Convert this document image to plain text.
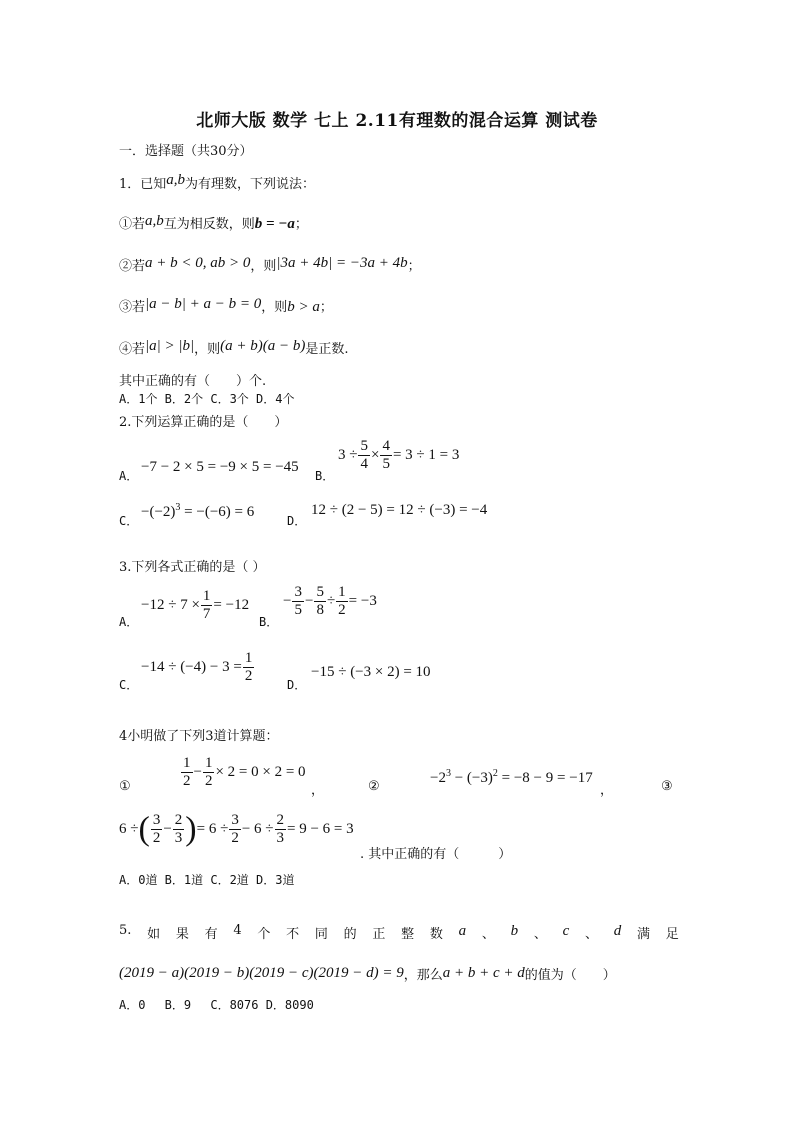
北师大版 数学 七上 2.11有理数的混合运算 测试卷
一．选择题（共30分）
1．已知a,b为有理数，下列说法：
①若a,b互为相反数，则b = −a；
②若a + b < 0, ab > 0，则|3a + 4b| = −3a + 4b；
③若|a − b| + a − b = 0，则b > a；
④若|a| > |b|，则(a + b)(a − b)是正数.
其中正确的有（　　）个.
A．1个 B．2个 C．3个 D．4个
2.下列运算正确的是（　　）
A．
−7 − 2 × 5 = −9 × 5 = −45
B．
$3 \div \frac{5}{4} \times \frac{4}{5} = 3 \div 1 = 3$
C．
$-(-2)^3 = -(-6) = 6$
D．
12 ÷ (2 − 5) = 12 ÷ (−3) = −4
3.下列各式正确的是（ ）
A．
$-12 \div 7 \times \frac{1}{7} = -12$
B．
− $\frac{3}{5} - \frac{5}{8} \div \frac{1}{2} = -3$
C．
$-14 \div (-4) - 3 = \frac{1}{2}$	D．
−15 ÷ (−3 × 2) = 10
4小明做了下列3道计算题：
①	$\frac{1}{2} - \frac{1}{2} \times 2 = 0 \times 2 = 0$
，	②
$-2^3 - (-3)^2 = -8 - 9 = -17$
，	③
6 ÷( $\frac{3}{2} - \frac{2}{3}$ )= $6 \div \frac{3}{2} - 6 \div \frac{2}{3} = 9 - 6 = 3$
. 其中正确的有（　　　）
A．0道 B．1道 C．2道 D．3道
5. 如 果 有 4 个 不 同 的 正 整 数 a 、 b 、 c 、 d 满 足
(2019 − a)(2019 − b)(2019 − c)(2019 − d) = 9，那么a + b + c + d的值为（　　）
A．0　 B．9　 C．8076 D．8090
